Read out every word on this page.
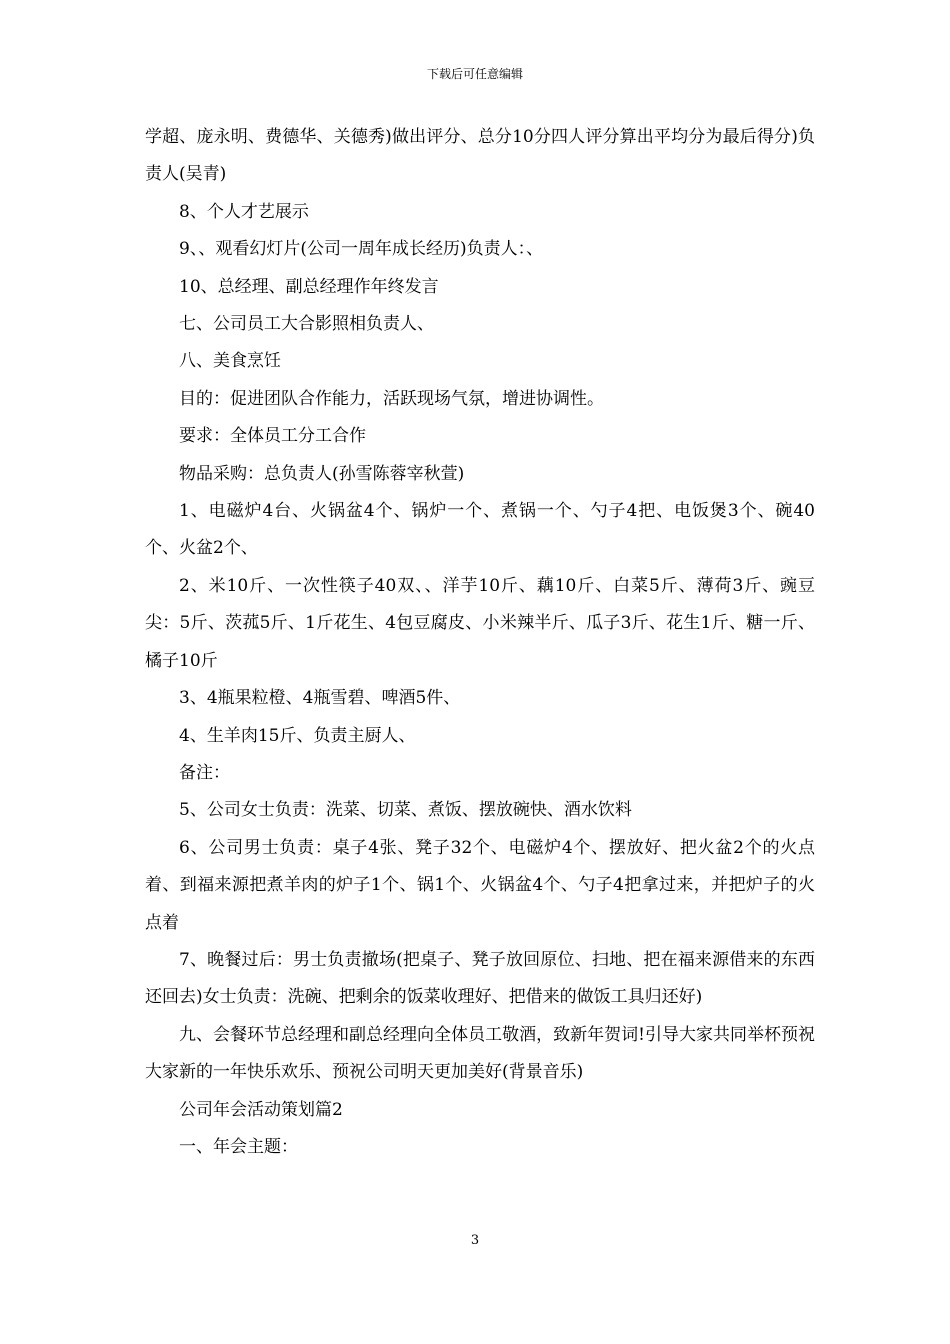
下载后可任意编辑

学超、庞永明、费德华、关德秀)做出评分、总分10分四人评分算出平均分为最后得分)负责人(吴青)

8、个人才艺展示

9、、观看幻灯片(公司一周年成长经历)负责人：、

10、总经理、副总经理作年终发言

七、公司员工大合影照相负责人、

八、美食烹饪

目的：促进团队合作能力，活跃现场气氛，增进协调性。

要求：全体员工分工合作

物品采购：总负责人(孙雪陈蓉宰秋萱)

1、电磁炉4台、火锅盆4个、锅炉一个、煮锅一个、勺子4把、电饭煲3个、碗40个、火盆2个、

2、米10斤、一次性筷子40双、、洋芋10斤、藕10斤、白菜5斤、薄荷3斤、豌豆尖：5斤、茨菰5斤、1斤花生、4包豆腐皮、小米辣半斤、瓜子3斤、花生1斤、糖一斤、橘子10斤

3、4瓶果粒橙、4瓶雪碧、啤酒5件、

4、生羊肉15斤、负责主厨人、

备注：

5、公司女士负责：洗菜、切菜、煮饭、摆放碗快、酒水饮料

6、公司男士负责：桌子4张、凳子32个、电磁炉4个、摆放好、把火盆2个的火点着、到福来源把煮羊肉的炉子1个、锅1个、火锅盆4个、勺子4把拿过来，并把炉子的火点着

7、晚餐过后：男士负责撤场(把桌子、凳子放回原位、扫地、把在福来源借来的东西还回去)女士负责：洗碗、把剩余的饭菜收理好、把借来的做饭工具归还好)

九、会餐环节总经理和副总经理向全体员工敬酒，致新年贺词!引导大家共同举杯预祝大家新的一年快乐欢乐、预祝公司明天更加美好(背景音乐)

公司年会活动策划篇2

一、年会主题：

3
